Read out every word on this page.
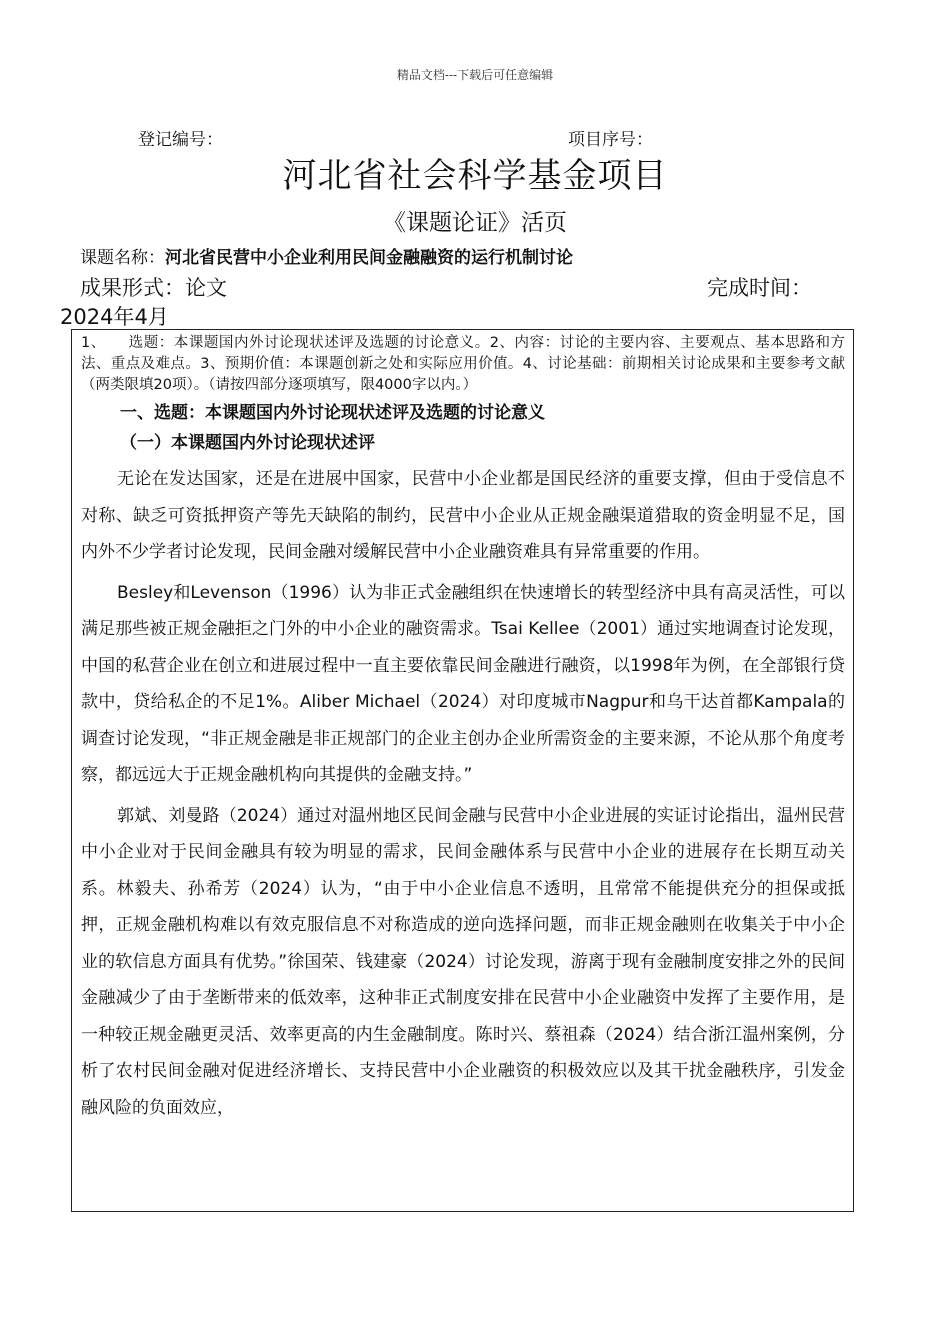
精品文档---下载后可任意编辑
登记编号：	项目序号：
河北省社会科学基金项目
《课题论证》活页
课题名称：河北省民营中小企业利用民间金融融资的运行机制讨论
成果形式：论文	完成时间：
2024年4月
1、　　选题：本课题国内外讨论现状述评及选题的讨论意义。2、内容：讨论的主要内容、主要观点、基本思路和方法、重点及难点。3、预期价值：本课题创新之处和实际应用价值。4、讨论基础：前期相关讨论成果和主要参考文献（两类限填20项）。（请按四部分逐项填写，限4000字以内。）
一、选题：本课题国内外讨论现状述评及选题的讨论意义
（一）本课题国内外讨论现状述评
无论在发达国家，还是在进展中国家，民营中小企业都是国民经济的重要支撑，但由于受信息不对称、缺乏可资抵押资产等先天缺陷的制约，民营中小企业从正规金融渠道猎取的资金明显不足，国内外不少学者讨论发现，民间金融对缓解民营中小企业融资难具有异常重要的作用。
Besley和Levenson（1996）认为非正式金融组织在快速增长的转型经济中具有高灵活性，可以满足那些被正规金融拒之门外的中小企业的融资需求。Tsai Kellee（2001）通过实地调查讨论发现，中国的私营企业在创立和进展过程中一直主要依靠民间金融进行融资，以1998年为例，在全部银行贷款中，贷给私企的不足1%。Aliber Michael（2024）对印度城市Nagpur和乌干达首都Kampala的调查讨论发现，“非正规金融是非正规部门的企业主创办企业所需资金的主要来源，不论从那个角度考察，都远远大于正规金融机构向其提供的金融支持。”
郭斌、刘曼路（2024）通过对温州地区民间金融与民营中小企业进展的实证讨论指出，温州民营中小企业对于民间金融具有较为明显的需求，民间金融体系与民营中小企业的进展存在长期互动关系。林毅夫、孙希芳（2024）认为，“由于中小企业信息不透明，且常常不能提供充分的担保或抵押，正规金融机构难以有效克服信息不对称造成的逆向选择问题，而非正规金融则在收集关于中小企业的软信息方面具有优势。”徐国荣、钱建豪（2024）讨论发现，游离于现有金融制度安排之外的民间金融减少了由于垄断带来的低效率，这种非正式制度安排在民营中小企业融资中发挥了主要作用，是一种较正规金融更灵活、效率更高的内生金融制度。陈时兴、蔡祖森（2024）结合浙江温州案例，分析了农村民间金融对促进经济增长、支持民营中小企业融资的积极效应以及其干扰金融秩序，引发金融风险的负面效应，
